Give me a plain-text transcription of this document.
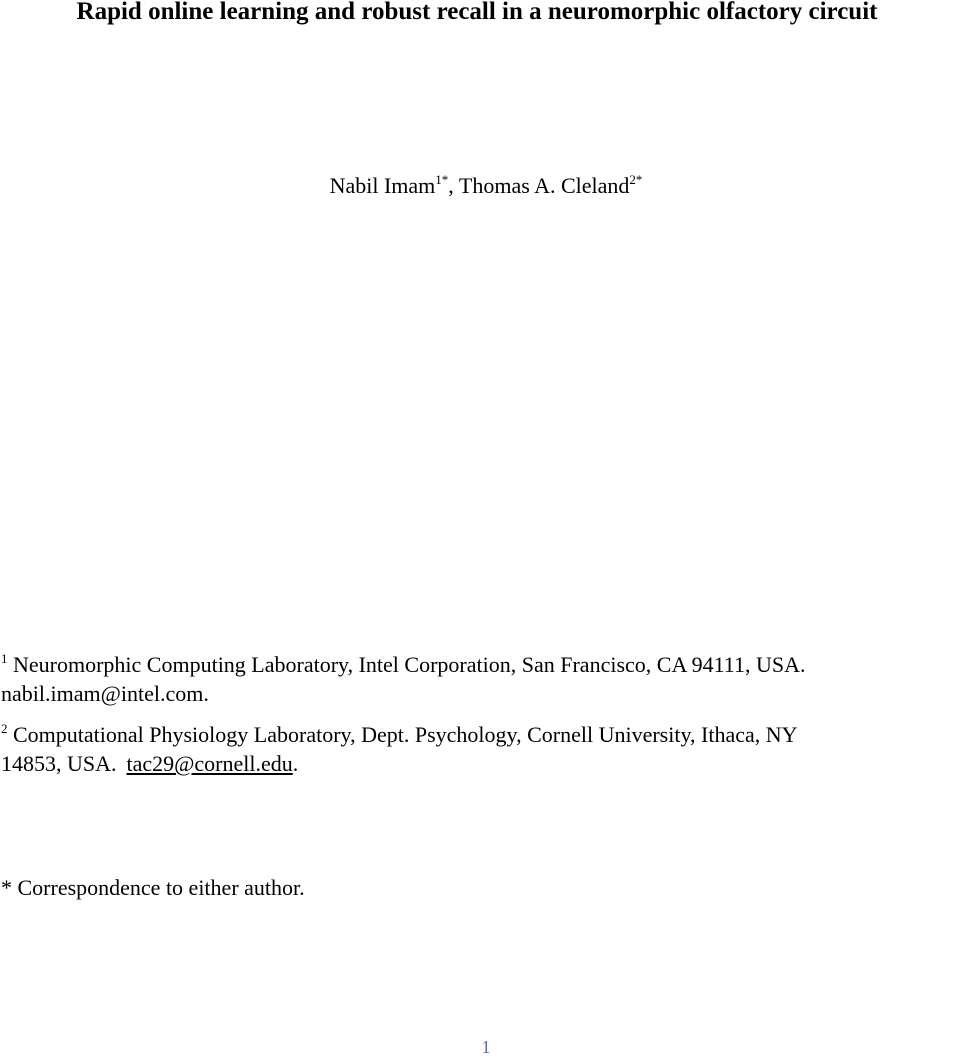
Rapid online learning and robust recall in a neuromorphic olfactory circuit
Nabil Imam$^{1*}$, Thomas A. Cleland$^{2*}$
$^1$ Neuromorphic Computing Laboratory, Intel Corporation, San Francisco, CA 94111, USA.
nabil.imam@intel.com.
$^2$ Computational Physiology Laboratory, Dept. Psychology, Cornell University, Ithaca, NY
14853, USA. tac29@cornell.edu.
* Correspondence to either author.
1
